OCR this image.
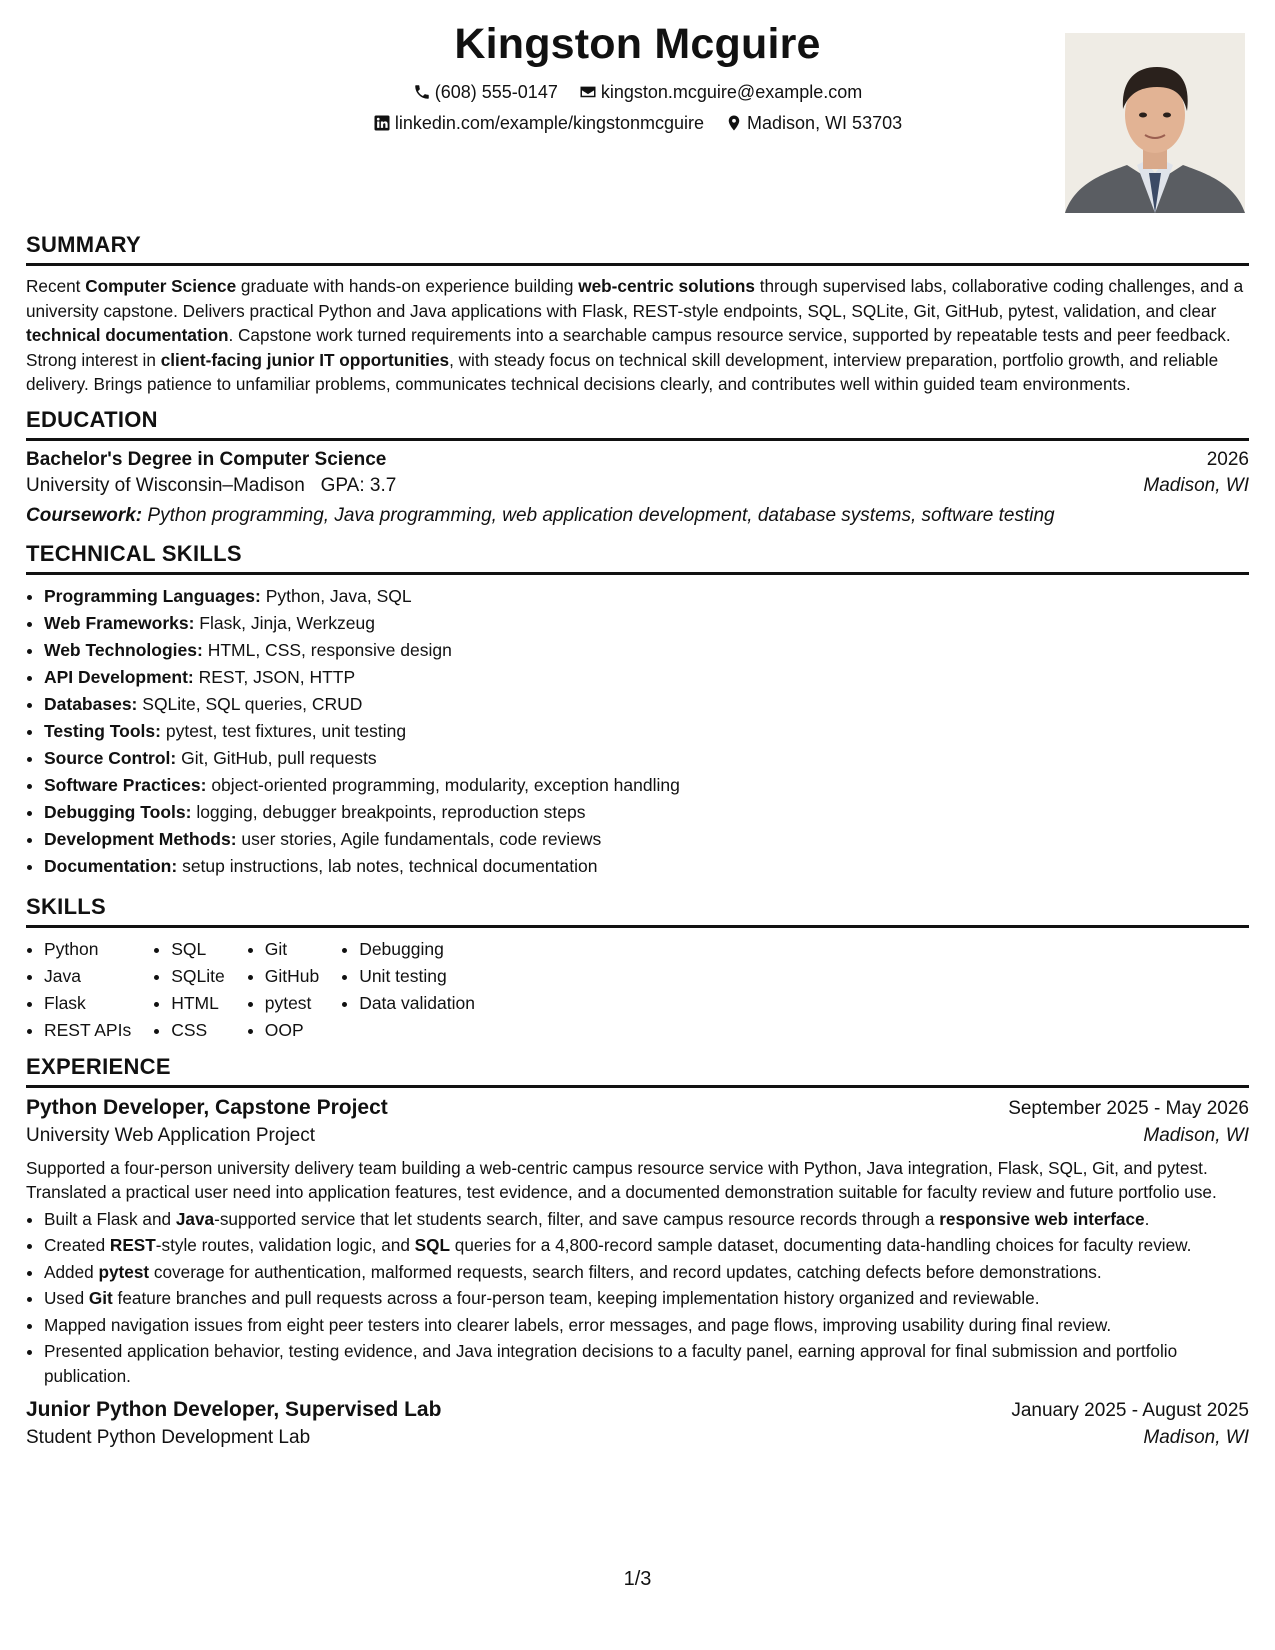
Kingston Mcguire
(608) 555-0147
kingston.mcguire@example.com
linkedin.com/example/kingstonmcguire
Madison, WI 53703
SUMMARY

Recent Computer Science graduate with hands-on experience building web-centric solutions through supervised labs, collaborative coding challenges, and a university capstone. Delivers practical Python and Java applications with Flask, REST-style endpoints, SQL, SQLite, Git, GitHub, pytest, validation, and clear technical documentation. Capstone work turned requirements into a searchable campus resource service, supported by repeatable tests and peer feedback. Strong interest in client-facing junior IT opportunities, with steady focus on technical skill development, interview preparation, portfolio growth, and reliable delivery. Brings patience to unfamiliar problems, communicates technical decisions clearly, and contributes well within guided team environments.

EDUCATION
Bachelor's Degree in Computer Science	2026
University of Wisconsin–Madison GPA: 3.7	Madison, WI
Coursework: Python programming, Java programming, web application development, database systems, software testing
TECHNICAL SKILLS
• Programming Languages: Python, Java, SQL
• Web Frameworks: Flask, Jinja, Werkzeug
• Web Technologies: HTML, CSS, responsive design
• API Development: REST, JSON, HTTP
• Databases: SQLite, SQL queries, CRUD
• Testing Tools: pytest, test fixtures, unit testing
• Source Control: Git, GitHub, pull requests
• Software Practices: object-oriented programming, modularity, exception handling
• Debugging Tools: logging, debugger breakpoints, reproduction steps
• Development Methods: user stories, Agile fundamentals, code reviews
• Documentation: setup instructions, lab notes, technical documentation
SKILLS
• Python
• Java
• Flask
• REST APIs
• SQL
• SQLite
• HTML
• CSS
• Git
• GitHub
• pytest
• OOP
• Debugging
• Unit testing
• Data validation
EXPERIENCE
Python Developer, Capstone Project	September 2025 - May 2026
University Web Application Project	Madison, WI

Supported a four-person university delivery team building a web-centric campus resource service with Python, Java integration, Flask, SQL, Git, and pytest. Translated a practical user need into application features, test evidence, and a documented demonstration suitable for faculty review and future portfolio use.

• Built a Flask and Java-supported service that let students search, filter, and save campus resource records through a responsive web interface.
• Created REST-style routes, validation logic, and SQL queries for a 4,800-record sample dataset, documenting data-handling choices for faculty review.
• Added pytest coverage for authentication, malformed requests, search filters, and record updates, catching defects before demonstrations.
• Used Git feature branches and pull requests across a four-person team, keeping implementation history organized and reviewable.
• Mapped navigation issues from eight peer testers into clearer labels, error messages, and page flows, improving usability during final review.
• Presented application behavior, testing evidence, and Java integration decisions to a faculty panel, earning approval for final submission and portfolio publication.
Junior Python Developer, Supervised Lab	January 2025 - August 2025
Student Python Development Lab	Madison, WI
1/3
